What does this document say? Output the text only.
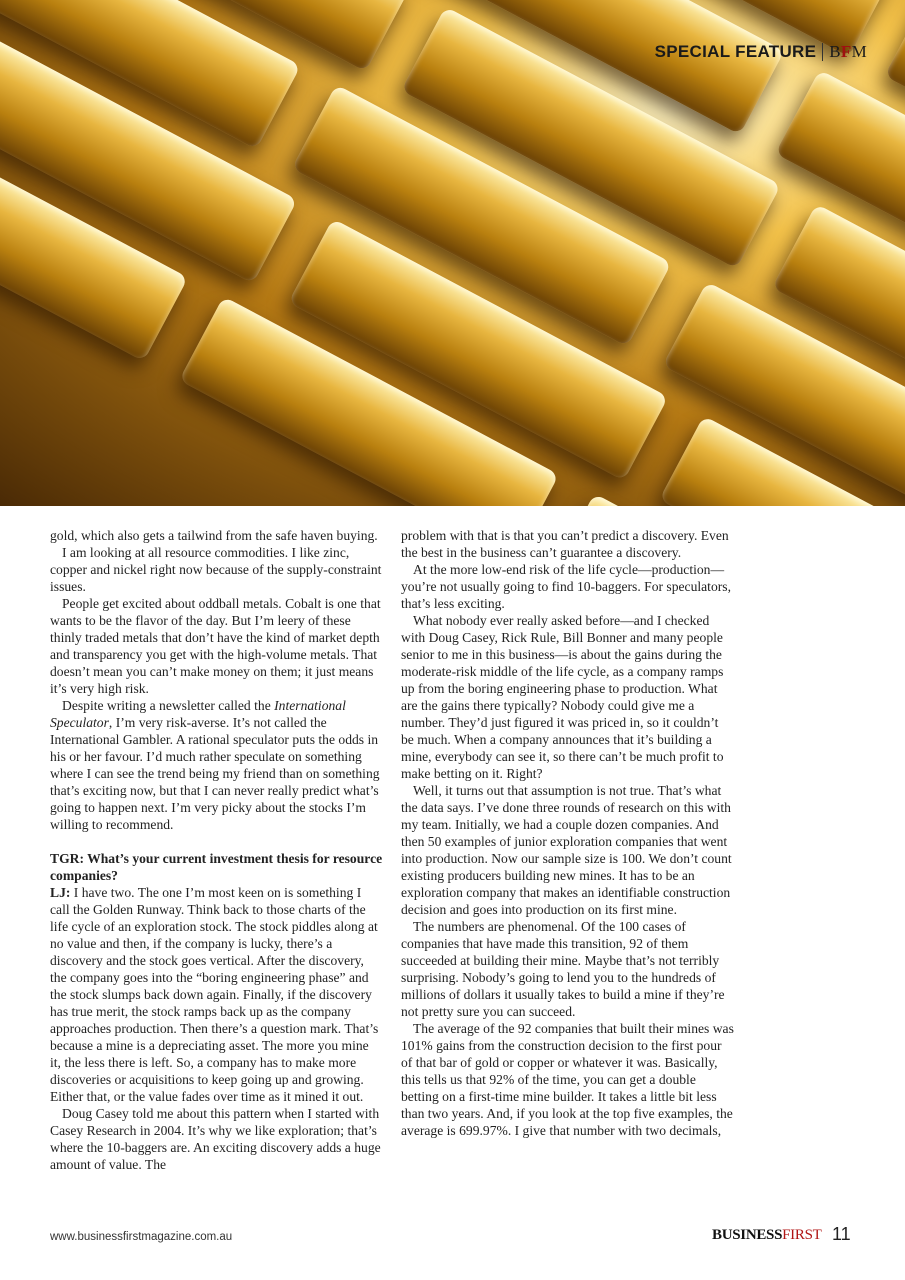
SPECIAL FEATURE BFM

gold, which also gets a tailwind from the safe haven buying.

I am looking at all resource commodities. I like zinc, copper and nickel right now because of the supply-constraint issues.

People get excited about oddball metals. Cobalt is one that wants to be the flavor of the day. But I’m leery of these thinly traded metals that don’t have the kind of market depth and transparency you get with the high-volume metals. That doesn’t mean you can’t make money on them; it just means it’s very high risk.

Despite writing a newsletter called the International Speculator, I’m very risk-averse. It’s not called the International Gambler. A rational speculator puts the odds in his or her favour. I’d much rather speculate on something where I can see the trend being my friend than on something that’s exciting now, but that I can never really predict what’s going to happen next. I’m very picky about the stocks I’m willing to recommend.

TGR: What’s your current investment thesis for resource companies?

LJ: I have two. The one I’m most keen on is something I call the Golden Runway. Think back to those charts of the life cycle of an exploration stock. The stock piddles along at no value and then, if the company is lucky, there’s a discovery and the stock goes vertical. After the discovery, the company goes into the “boring engineering phase” and the stock slumps back down again. Finally, if the discovery has true merit, the stock ramps back up as the company approaches production. Then there’s a question mark. That’s because a mine is a depreciating asset. The more you mine it, the less there is left. So, a company has to make more discoveries or acquisitions to keep going up and growing. Either that, or the value fades over time as it mined it out.

Doug Casey told me about this pattern when I started with Casey Research in 2004. It’s why we like exploration; that’s where the 10-baggers are. An exciting discovery adds a huge amount of value. The

problem with that is that you can’t predict a discovery. Even the best in the business can’t guarantee a discovery.

At the more low-end risk of the life cycle—production—you’re not usually going to find 10-baggers. For speculators, that’s less exciting.

What nobody ever really asked before—and I checked with Doug Casey, Rick Rule, Bill Bonner and many people senior to me in this business—is about the gains during the moderate-risk middle of the life cycle, as a company ramps up from the boring engineering phase to production. What are the gains there typically? Nobody could give me a number. They’d just figured it was priced in, so it couldn’t be much. When a company announces that it’s building a mine, everybody can see it, so there can’t be much profit to make betting on it. Right?

Well, it turns out that assumption is not true. That’s what the data says. I’ve done three rounds of research on this with my team. Initially, we had a couple dozen companies. And then 50 examples of junior exploration companies that went into production. Now our sample size is 100. We don’t count existing producers building new mines. It has to be an exploration company that makes an identifiable construction decision and goes into production on its first mine.

The numbers are phenomenal. Of the 100 cases of companies that have made this transition, 92 of them succeeded at building their mine. Maybe that’s not terribly surprising. Nobody’s going to lend you to the hundreds of millions of dollars it usually takes to build a mine if they’re not pretty sure you can succeed.

The average of the 92 companies that built their mines was 101% gains from the construction decision to the first pour of that bar of gold or copper or whatever it was. Basically, this tells us that 92% of the time, you can get a double betting on a first-time mine builder. It takes a little bit less than two years. And, if you look at the top five examples, the average is 699.97%. I give that number with two decimals,

www.businessfirstmagazine.com.au	BUSINESSFIRST 11
